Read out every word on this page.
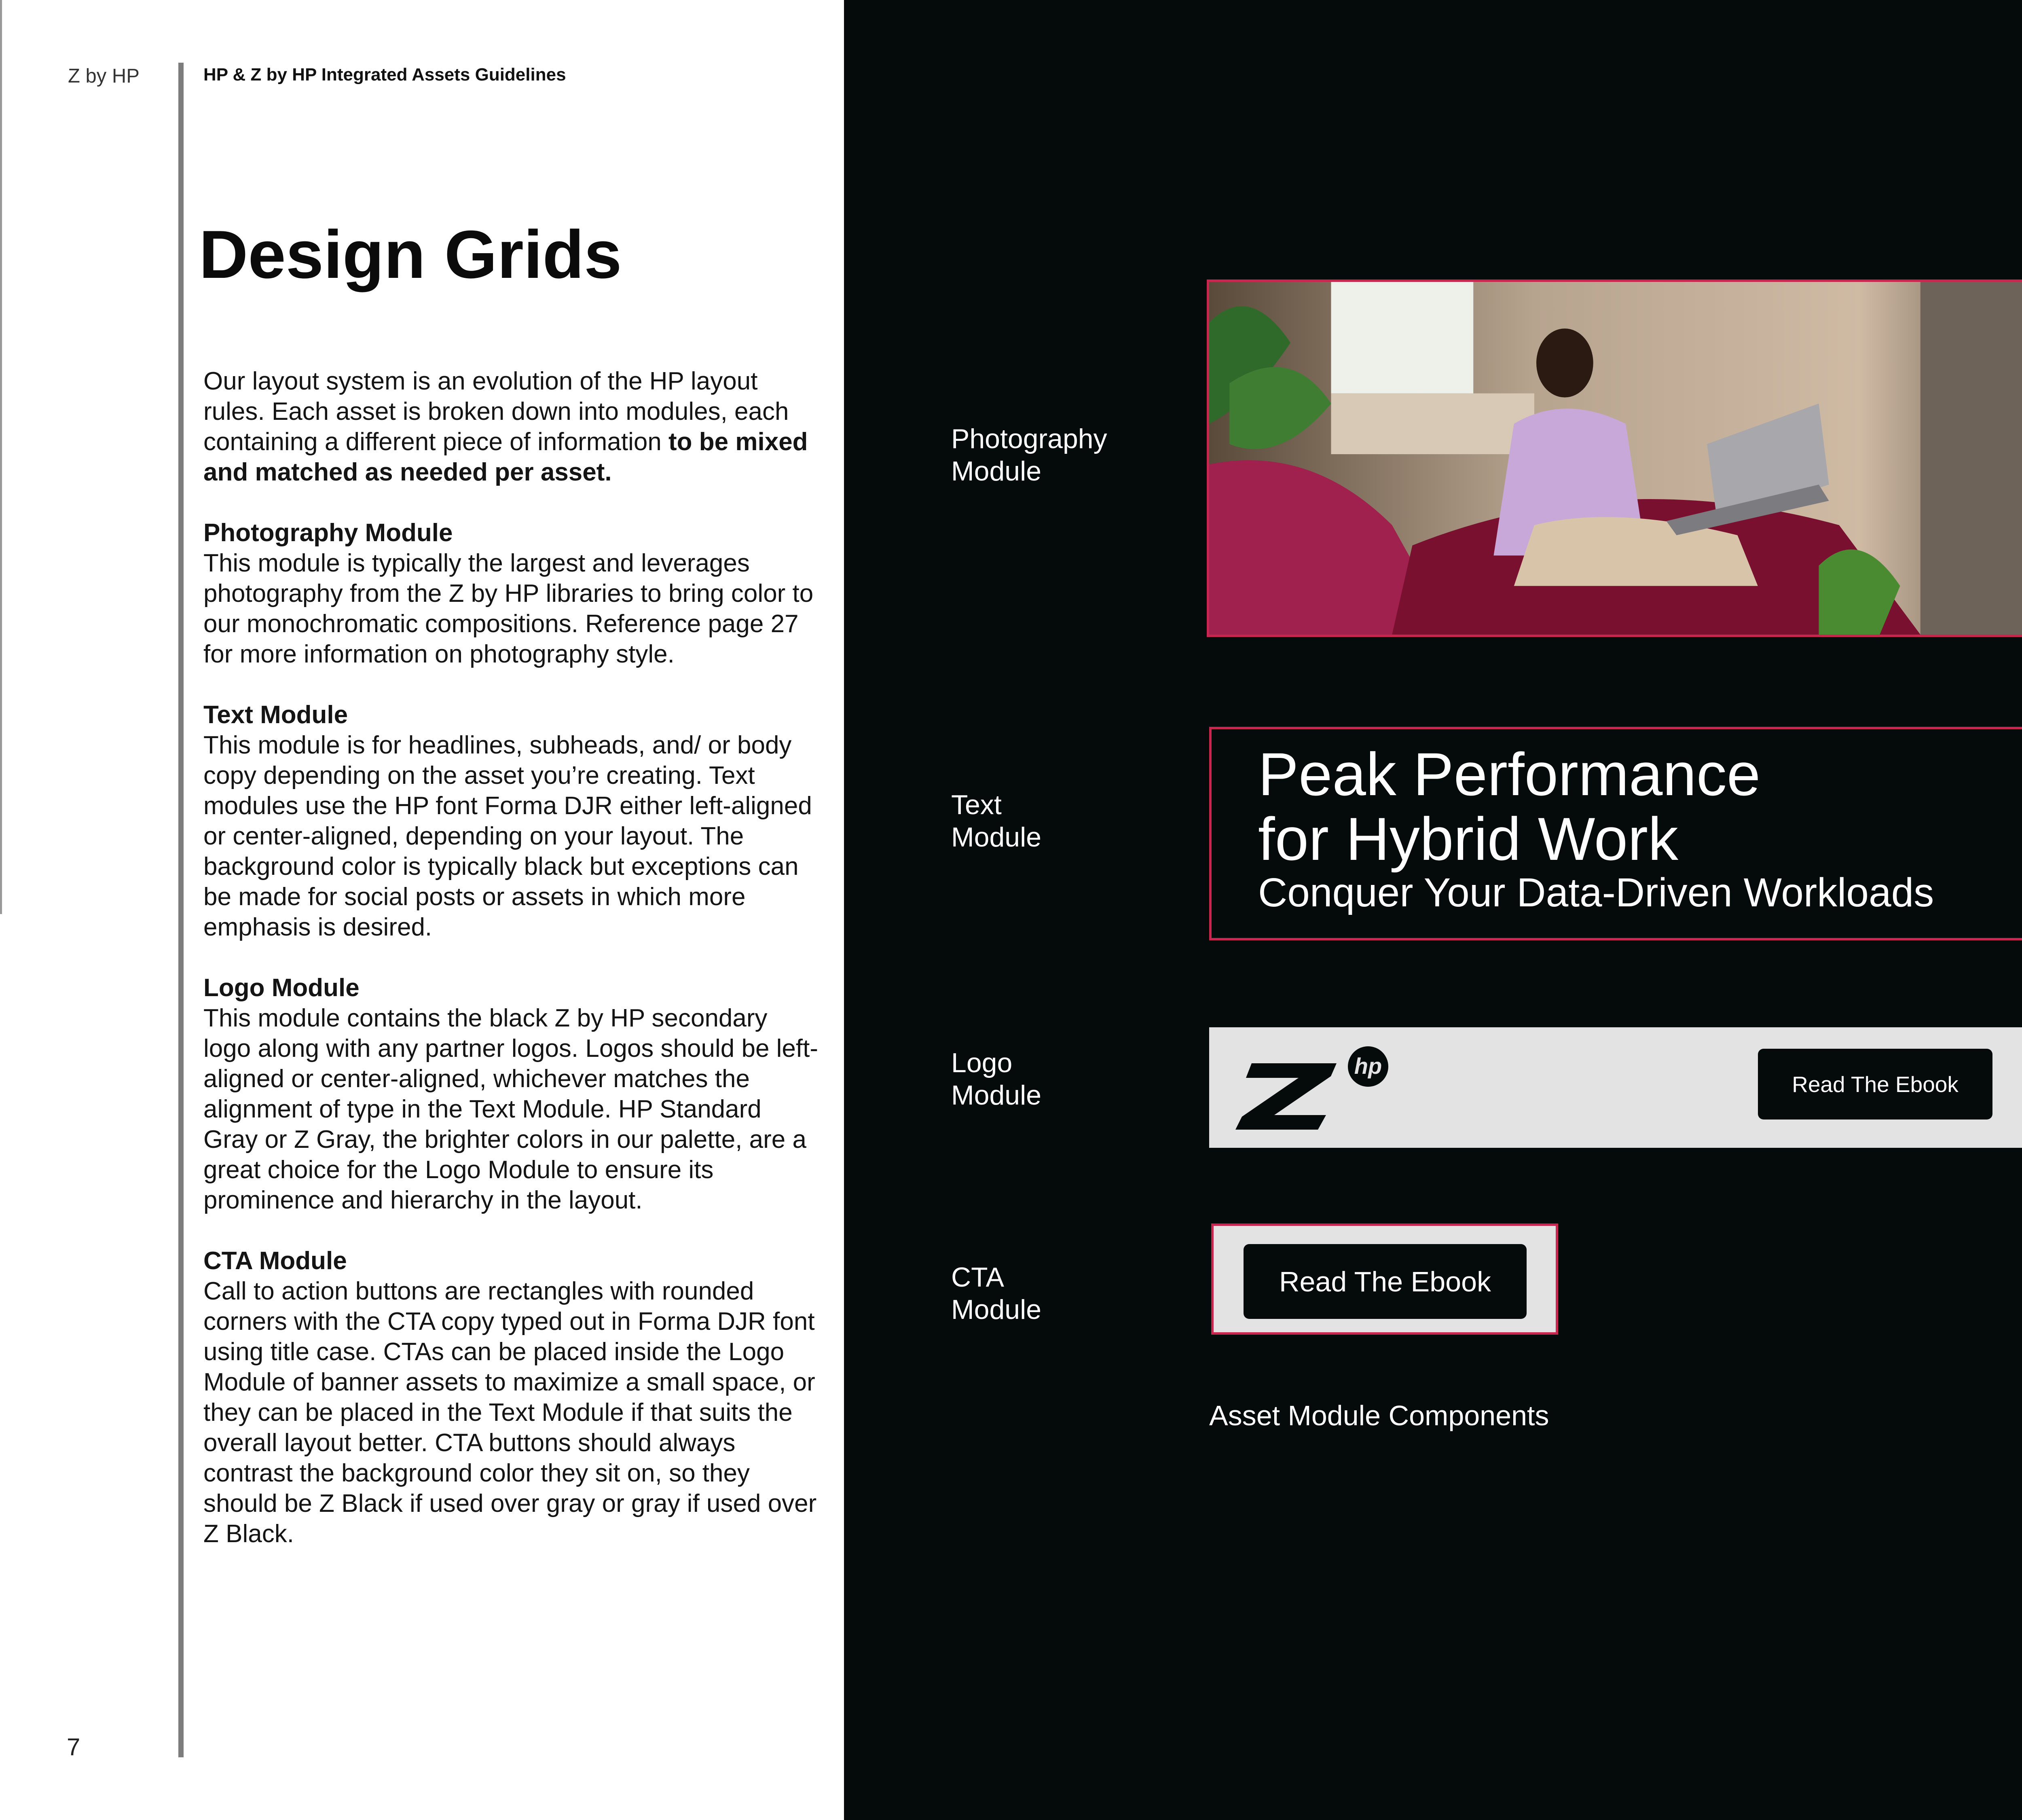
Z by HP	HP & Z by HP Integrated Assets Guidelines
Design Grids

Our layout system is an evolution of the HP layout rules. Each asset is broken down into modules, each containing a different piece of information to be mixed and matched as needed per asset.

Photography Module
This module is typically the largest and leverages photography from the Z by HP libraries to bring color to our monochromatic compositions. Reference page 27 for more information on photography style.

Text Module
This module is for headlines, subheads, and/ or body copy depending on the asset you’re creating. Text modules use the HP font Forma DJR either left-aligned or center-aligned, depending on your layout. The background color is typically black but exceptions can be made for social posts or assets in which more emphasis is desired.

Logo Module
This module contains the black Z by HP secondary logo along with any partner logos. Logos should be left-aligned or center-aligned, whichever matches the alignment of type in the Text Module. HP Standard Gray or Z Gray, the brighter colors in our palette, are a great choice for the Logo Module to ensure its prominence and hierarchy in the layout.

CTA Module
Call to action buttons are rectangles with rounded corners with the CTA copy typed out in Forma DJR font using title case. CTAs can be placed inside the Logo Module of banner assets to maximize a small space, or they can be placed in the Text Module if that suits the overall layout better. CTA buttons should always contrast the background color they sit on, so they should be Z Black if used over gray or gray if used over Z Black.

7
Photography
Module
Text
Module
Logo
Module
CTA
Module
Peak Performance
for Hybrid Work
Conquer Your Data-Driven Workloads
hp
Read The Ebook
Read The Ebook
Asset Module Components
